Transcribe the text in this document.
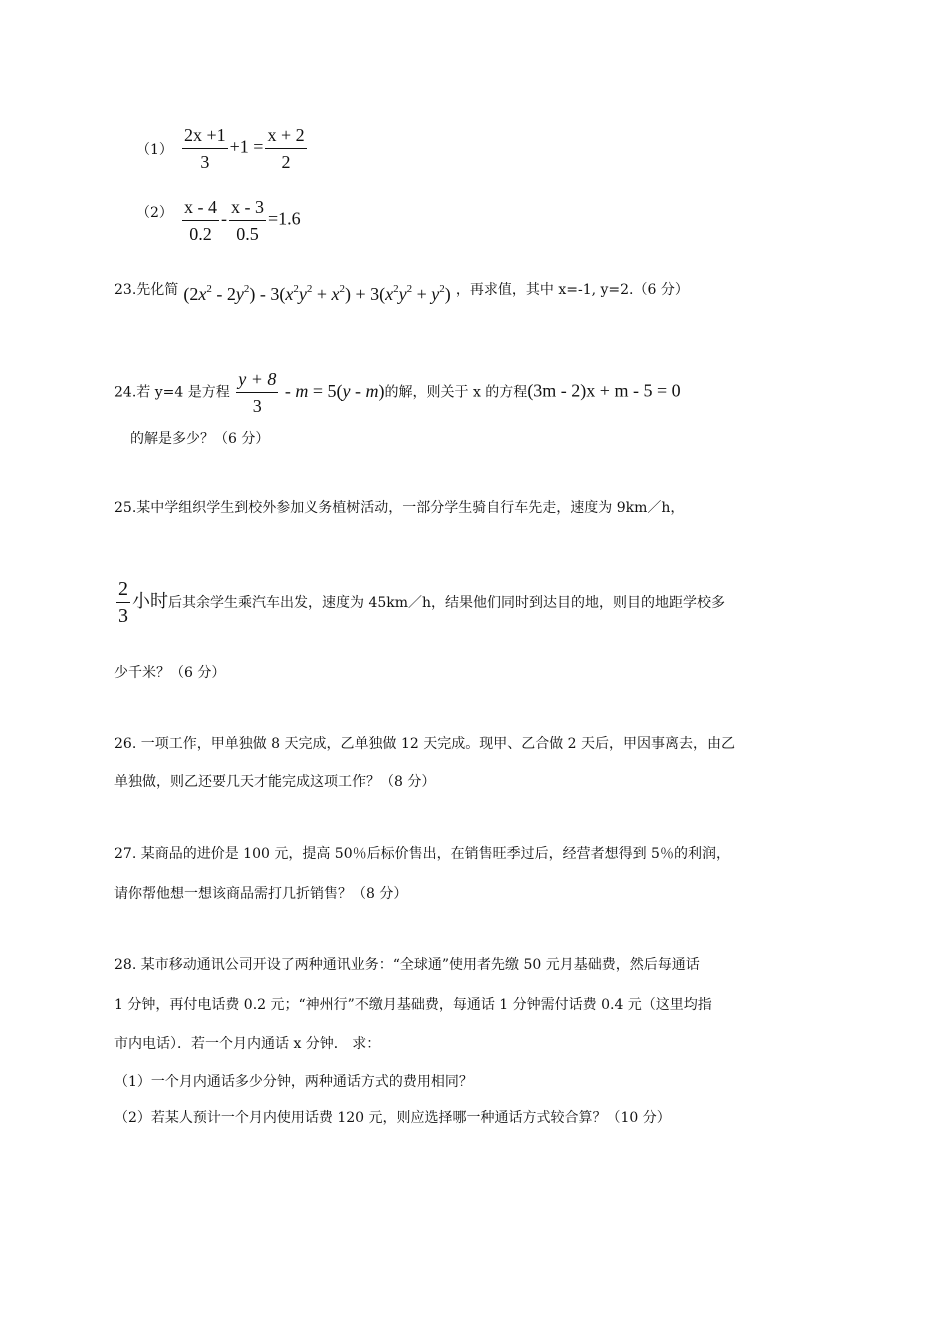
$(1) \frac{2x +1}{3} +1 = \frac{x + 2}{2}$
$(2) \frac{x - 4}{0.2} - \frac{x - 3}{0.5} =1.6$
23.先化简 $(2x^2 - 2y^2) - 3(x^2y^2 + x^2) + 3(x^2y^2 + y^2)$ ，再求值，其中 x=-1, y=2.（6 分）
24.若 y=4 是方程 $\frac{y + 8}{3} - m = 5(y - m)$的解，则关于 x 的方程(3m - 2)x + m - 5 = 0
的解是多少？（6 分）
25.某中学组织学生到校外参加义务植树活动，一部分学生骑自行车先走，速度为 9km／h，
$\frac{2}{3}$ 小时后其余学生乘汽车出发，速度为 45km／h，结果他们同时到达目的地，则目的地距学校多
少千米？（6 分）
26. 一项工作，甲单独做 8 天完成，乙单独做 12 天完成。现甲、乙合做 2 天后，甲因事离去，由乙
单独做，则乙还要几天才能完成这项工作？（8 分）
27. 某商品的进价是 100 元，提高 50％后标价售出，在销售旺季过后，经营者想得到 5％的利润，
请你帮他想一想该商品需打几折销售？（8 分）
28. 某市移动通讯公司开设了两种通讯业务：“全球通”使用者先缴 50 元月基础费，然后每通话
1 分钟，再付电话费 0.2 元；“神州行”不缴月基础费，每通话 1 分钟需付话费 0.4 元（这里均指
市内电话）．若一个月内通话 x 分钟． 求：
（1）一个月内通话多少分钟，两种通话方式的费用相同？
（2）若某人预计一个月内使用话费 120 元，则应选择哪一种通话方式较合算？（10 分）
